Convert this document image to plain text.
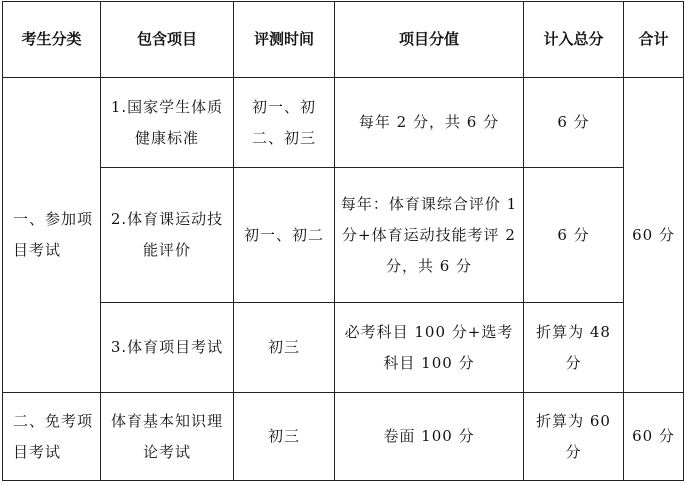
考生分类	包含项目	评测时间	项目分值	计入总分	合计

一、参加项目考试	1.国家学生体质健康标准	初一、初二、初三	每年 2 分，共 6 分	6 分	60 分

	2.体育课运动技能评价	初一、初二	每年：体育课综合评价 1 分+体育运动技能考评 2 分，共 6 分	6 分	

	3.体育项目考试	初三	必考科目 100 分+选考科目 100 分	折算为 48 分	

二、免考项目考试	体育基本知识理论考试	初三	卷面 100 分	折算为 60 分	60 分
